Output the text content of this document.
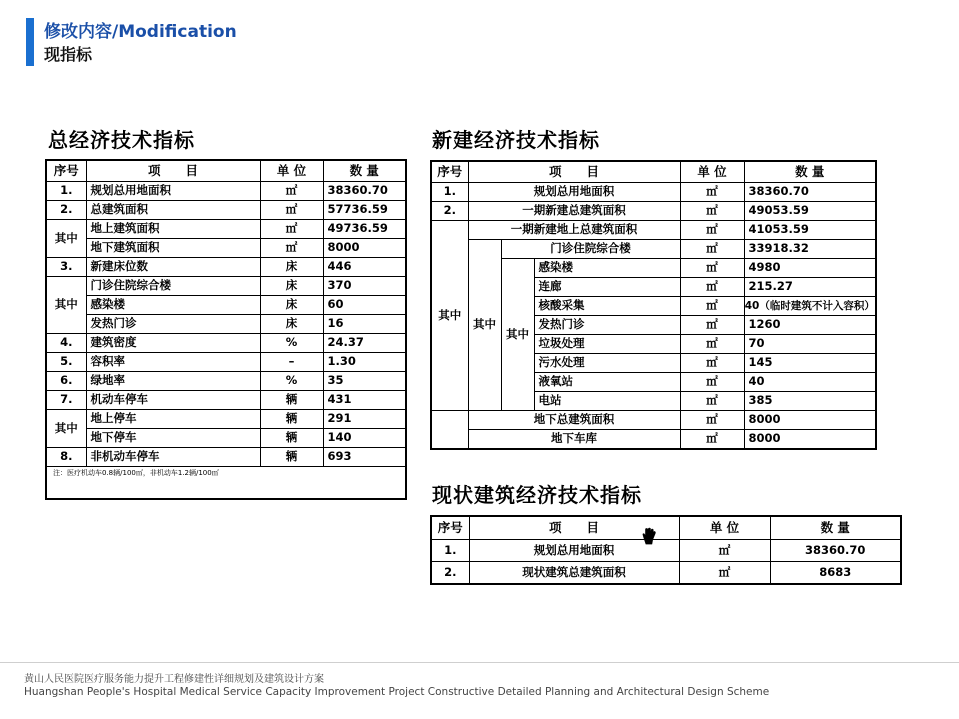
修改内容/Modification
现指标
总经济技术指标
序号	项　　目	单 位	数 量
1.	规划总用地面积	㎡	38360.70
2.	总建筑面积	㎡	57736.59
其中	地上建筑面积	㎡	49736.59
	地下建筑面积	㎡	8000
3.	新建床位数	床	446
其中	门诊住院综合楼	床	370
	感染楼	床	60
	发热门诊	床	16
4.	建筑密度	%	24.37
5.	容积率	–	1.30
6.	绿地率	%	35
7.	机动车停车	辆	431
其中	地上停车	辆	291
	地下停车	辆	140
8.	非机动车停车	辆	693
注：医疗机动车0.8辆/100㎡，非机动车1.2辆/100㎡			
新建经济技术指标
序号	项　　目			单 位	数 量
1.	规划总用地面积			㎡	38360.70
2.	一期新建总建筑面积			㎡	49053.59
其中	一期新建地上总建筑面积			㎡	41053.59
	其中	门诊住院综合楼		㎡	33918.32
		其中	感染楼	㎡	4980
			连廊	㎡	215.27
			核酸采集	㎡	40（临时建筑不计入容积）
			发热门诊	㎡	1260
			垃圾处理	㎡	70
			污水处理	㎡	145
			液氧站	㎡	40
			电站	㎡	385
	地下总建筑面积			㎡	8000
	地下车库			㎡	8000
现状建筑经济技术指标
序号	项　　目	单 位	数 量
1.	规划总用地面积	㎡	38360.70
2.	现状建筑总建筑面积	㎡	8683
黄山人民医院医疗服务能力提升工程修建性详细规划及建筑设计方案
Huangshan People's Hospital Medical Service Capacity Improvement Project Constructive Detailed Planning and Architectural Design Scheme
